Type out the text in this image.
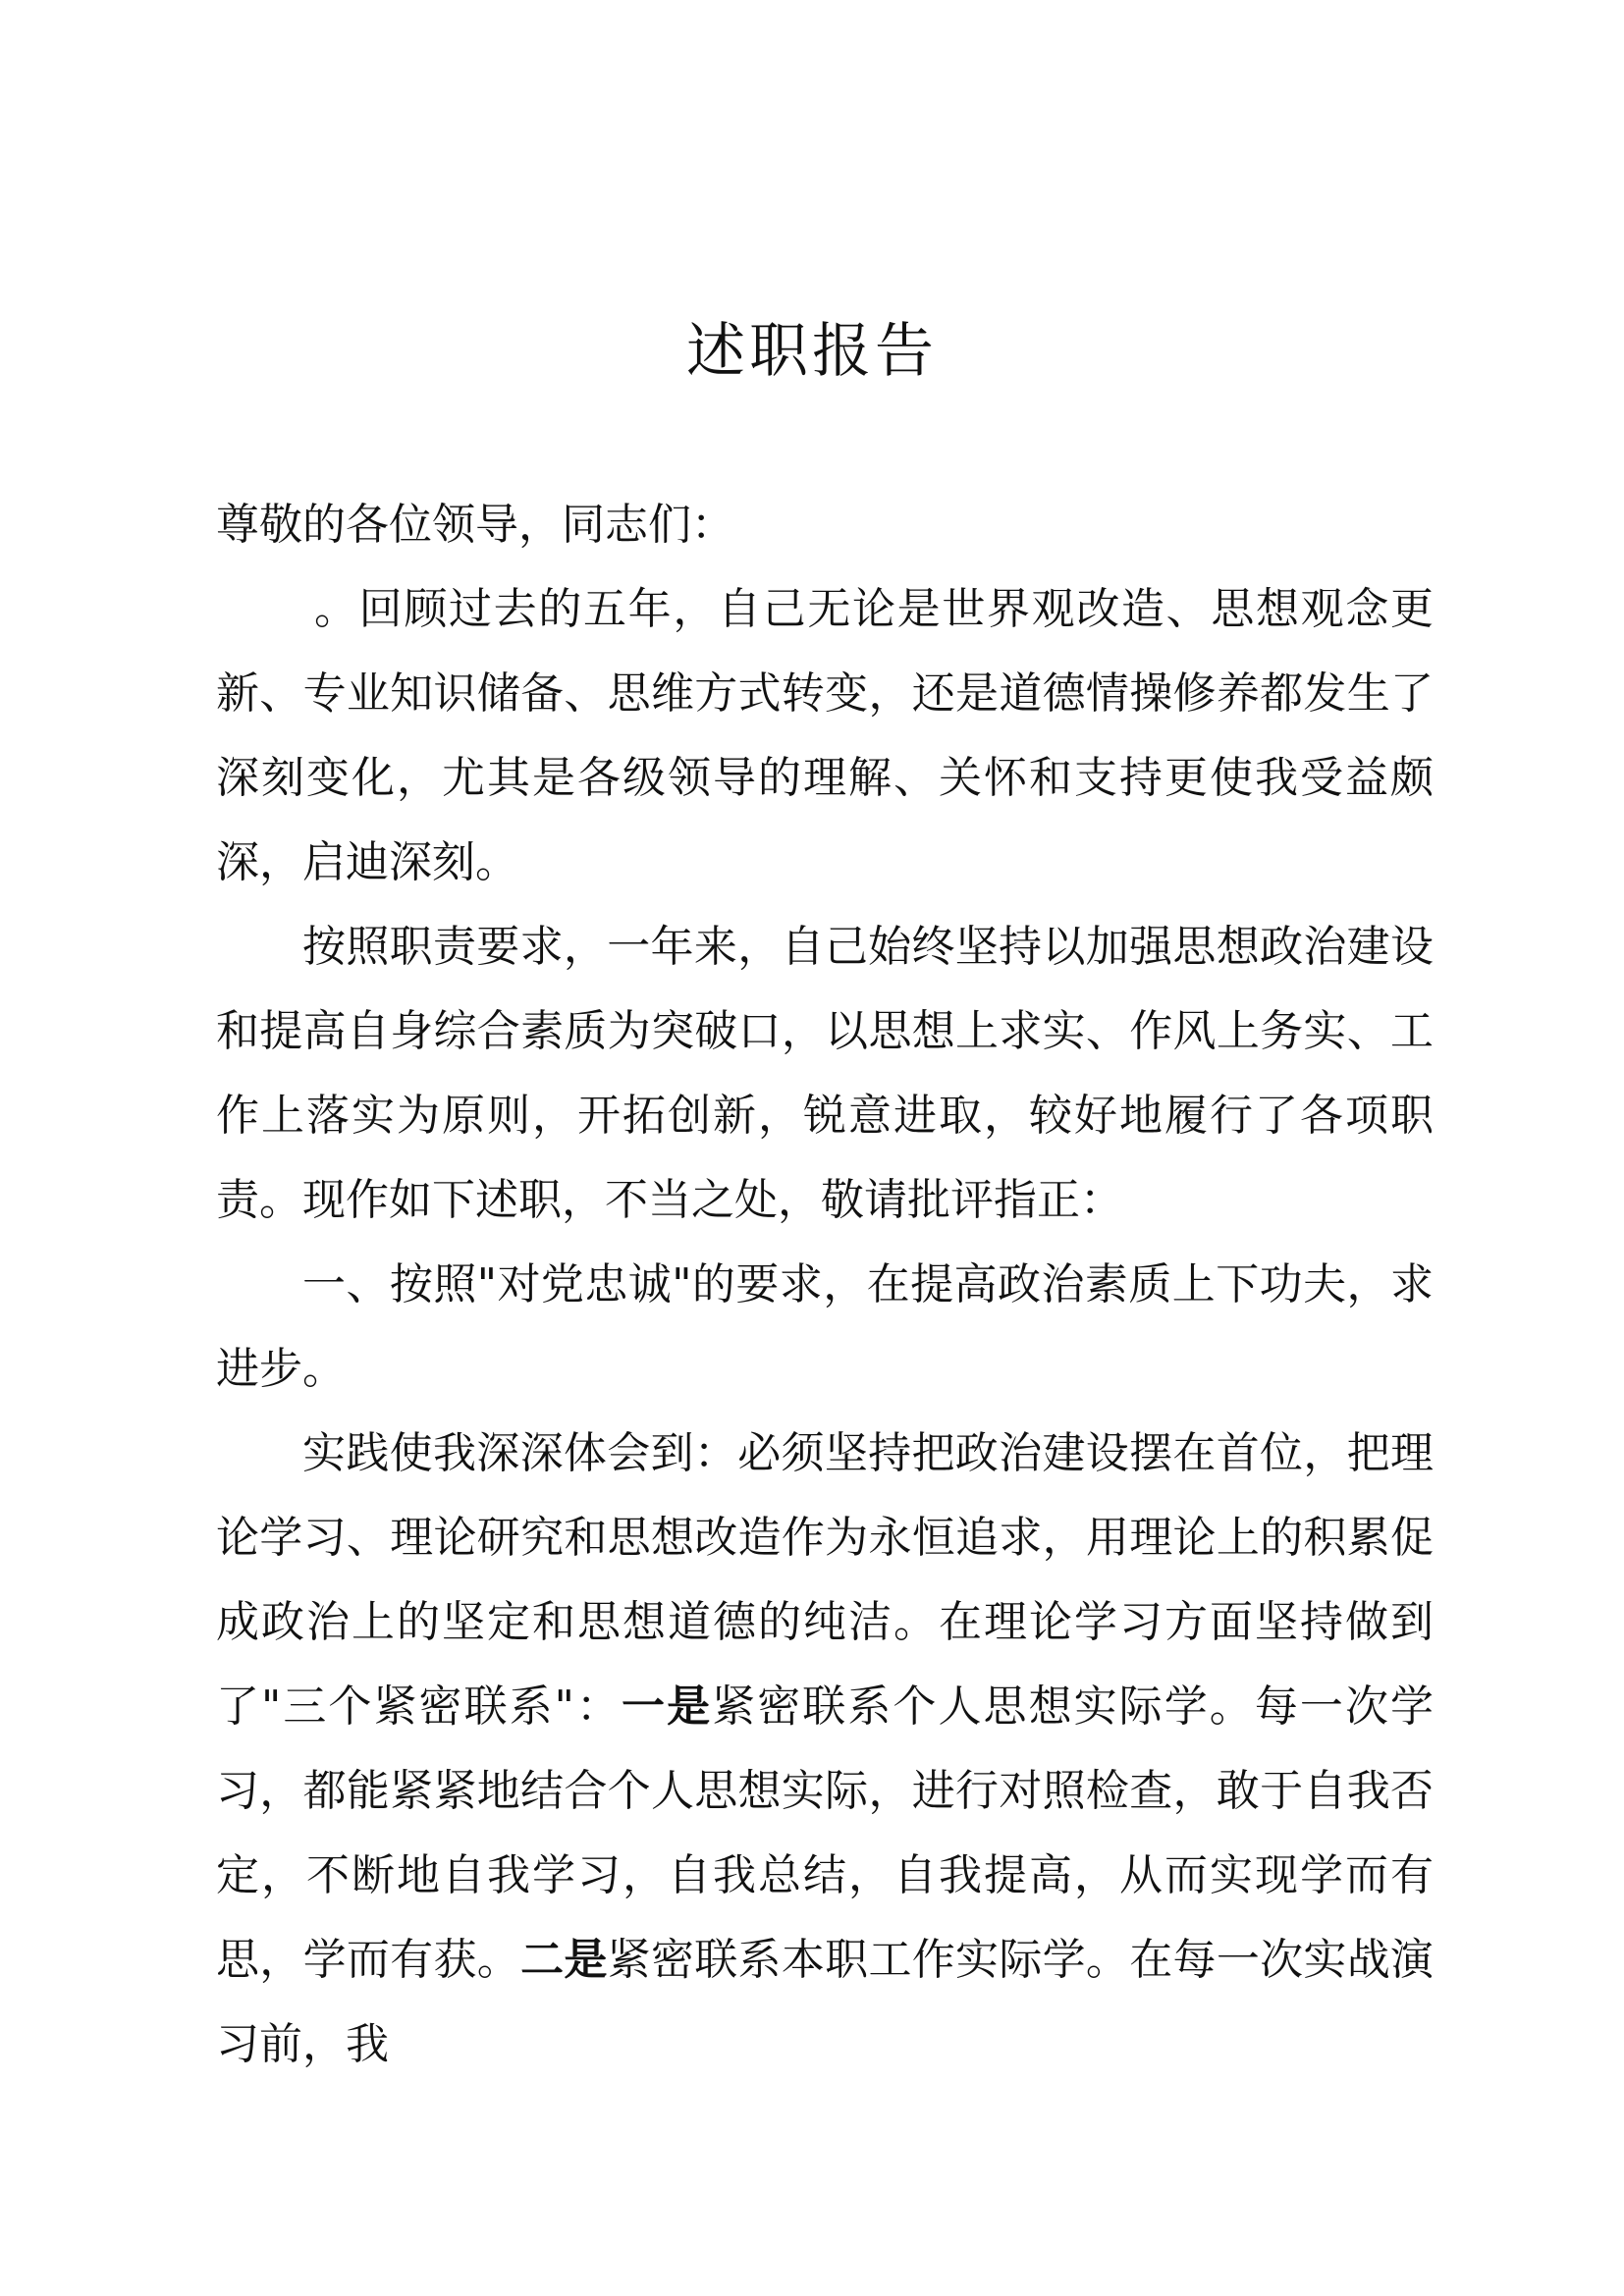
述职报告

尊敬的各位领导，同志们：

。回顾过去的五年，自己无论是世界观改造、思想观念更新、专业知识储备、思维方式转变，还是道德情操修养都发生了深刻变化，尤其是各级领导的理解、关怀和支持更使我受益颇深，启迪深刻。

按照职责要求，一年来，自己始终坚持以加强思想政治建设和提高自身综合素质为突破口，以思想上求实、作风上务实、工作上落实为原则，开拓创新，锐意进取，较好地履行了各项职责。现作如下述职，不当之处，敬请批评指正：

一、按照"对党忠诚"的要求，在提高政治素质上下功夫，求进步。

实践使我深深体会到：必须坚持把政治建设摆在首位，把理论学习、理论研究和思想改造作为永恒追求，用理论上的积累促成政治上的坚定和思想道德的纯洁。在理论学习方面坚持做到了"三个紧密联系"：一是紧密联系个人思想实际学。每一次学习，都能紧紧地结合个人思想实际，进行对照检查，敢于自我否定，不断地自我学习，自我总结，自我提高，从而实现学而有思，学而有获。二是紧密联系本职工作实际学。在每一次实战演习前，我
